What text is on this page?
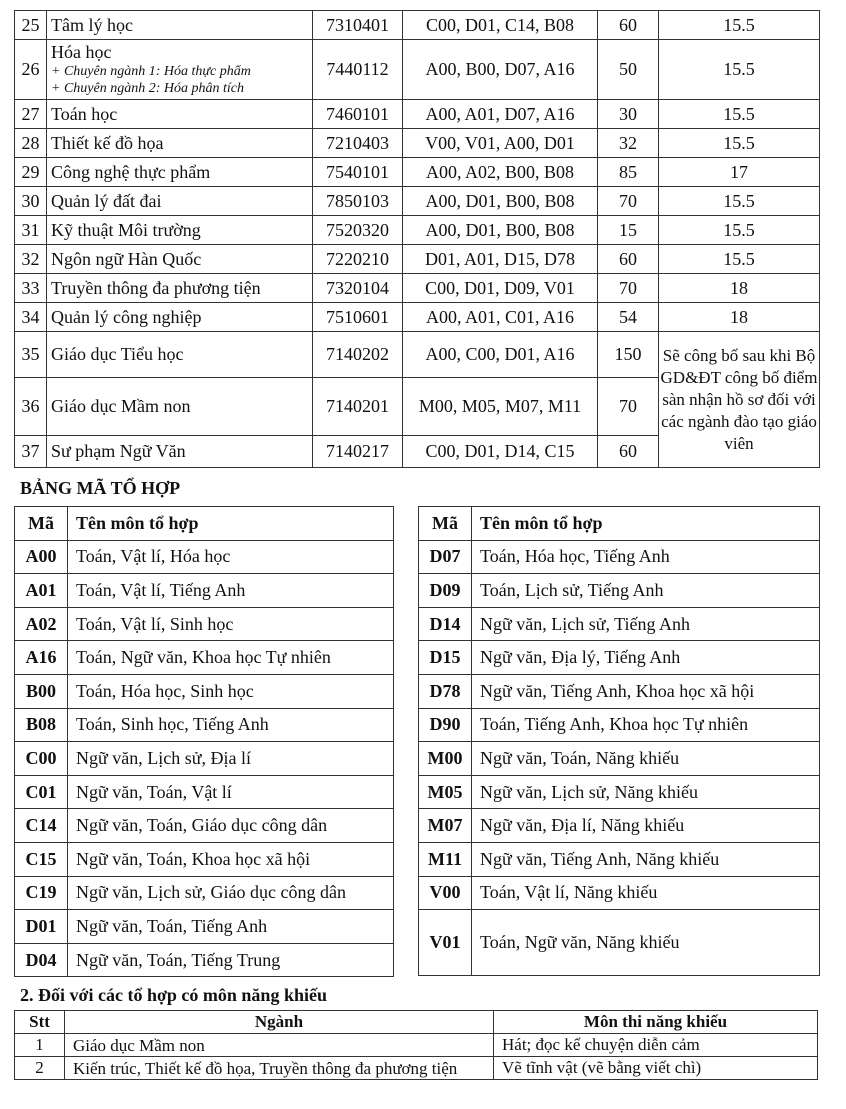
25	Tâm lý học	7310401	C00, D01, C14, B08	60	15.5
26	Hóa học
+ Chuyên ngành 1: Hóa thực phẩm
+ Chuyên ngành 2: Hóa phân tích	7440112	A00, B00, D07, A16	50	15.5
27	Toán học	7460101	A00, A01, D07, A16	30	15.5
28	Thiết kế đồ họa	7210403	V00, V01, A00, D01	32	15.5
29	Công nghệ thực phẩm	7540101	A00, A02, B00, B08	85	17
30	Quản lý đất đai	7850103	A00, D01, B00, B08	70	15.5
31	Kỹ thuật Môi trường	7520320	A00, D01, B00, B08	15	15.5
32	Ngôn ngữ Hàn Quốc	7220210	D01, A01, D15, D78	60	15.5
33	Truyền thông đa phương tiện	7320104	C00, D01, D09, V01	70	18
34	Quản lý công nghiệp	7510601	A00, A01, C01, A16	54	18
35	Giáo dục Tiểu học	7140202	A00, C00, D01, A16	150	Sẽ công bố sau khi Bộ GD&ĐT công bố điểm sàn nhận hồ sơ đối với các ngành đào tạo giáo viên
36	Giáo dục Mầm non	7140201	M00, M05, M07, M11	70	
37	Sư phạm Ngữ Văn	7140217	C00, D01, D14, C15	60	
BẢNG MÃ TỔ HỢP
Mã	Tên môn tổ hợp
A00	Toán, Vật lí, Hóa học
A01	Toán, Vật lí, Tiếng Anh
A02	Toán, Vật lí, Sinh học
A16	Toán, Ngữ văn, Khoa học Tự nhiên
B00	Toán, Hóa học, Sinh học
B08	Toán, Sinh học, Tiếng Anh
C00	Ngữ văn, Lịch sử, Địa lí
C01	Ngữ văn, Toán, Vật lí
C14	Ngữ văn, Toán, Giáo dục công dân
C15	Ngữ văn, Toán, Khoa học xã hội
C19	Ngữ văn, Lịch sử, Giáo dục công dân
D01	Ngữ văn, Toán, Tiếng Anh
D04	Ngữ văn, Toán, Tiếng Trung
Mã	Tên môn tổ hợp
D07	Toán, Hóa học, Tiếng Anh
D09	Toán, Lịch sử, Tiếng Anh
D14	Ngữ văn, Lịch sử, Tiếng Anh
D15	Ngữ văn, Địa lý, Tiếng Anh
D78	Ngữ văn, Tiếng Anh, Khoa học xã hội
D90	Toán, Tiếng Anh, Khoa học Tự nhiên
M00	Ngữ văn, Toán, Năng khiếu
M05	Ngữ văn, Lịch sử, Năng khiếu
M07	Ngữ văn, Địa lí, Năng khiếu
M11	Ngữ văn, Tiếng Anh, Năng khiếu
V00	Toán, Vật lí, Năng khiếu
V01	Toán, Ngữ văn, Năng khiếu
2. Đối với các tổ hợp có môn năng khiếu
Stt	Ngành	Môn thi năng khiếu
1	Giáo dục Mầm non	Hát; đọc kể chuyện diễn cảm
2	Kiến trúc, Thiết kế đồ họa, Truyền thông đa phương tiện	Vẽ tĩnh vật (vẽ bằng viết chì)
